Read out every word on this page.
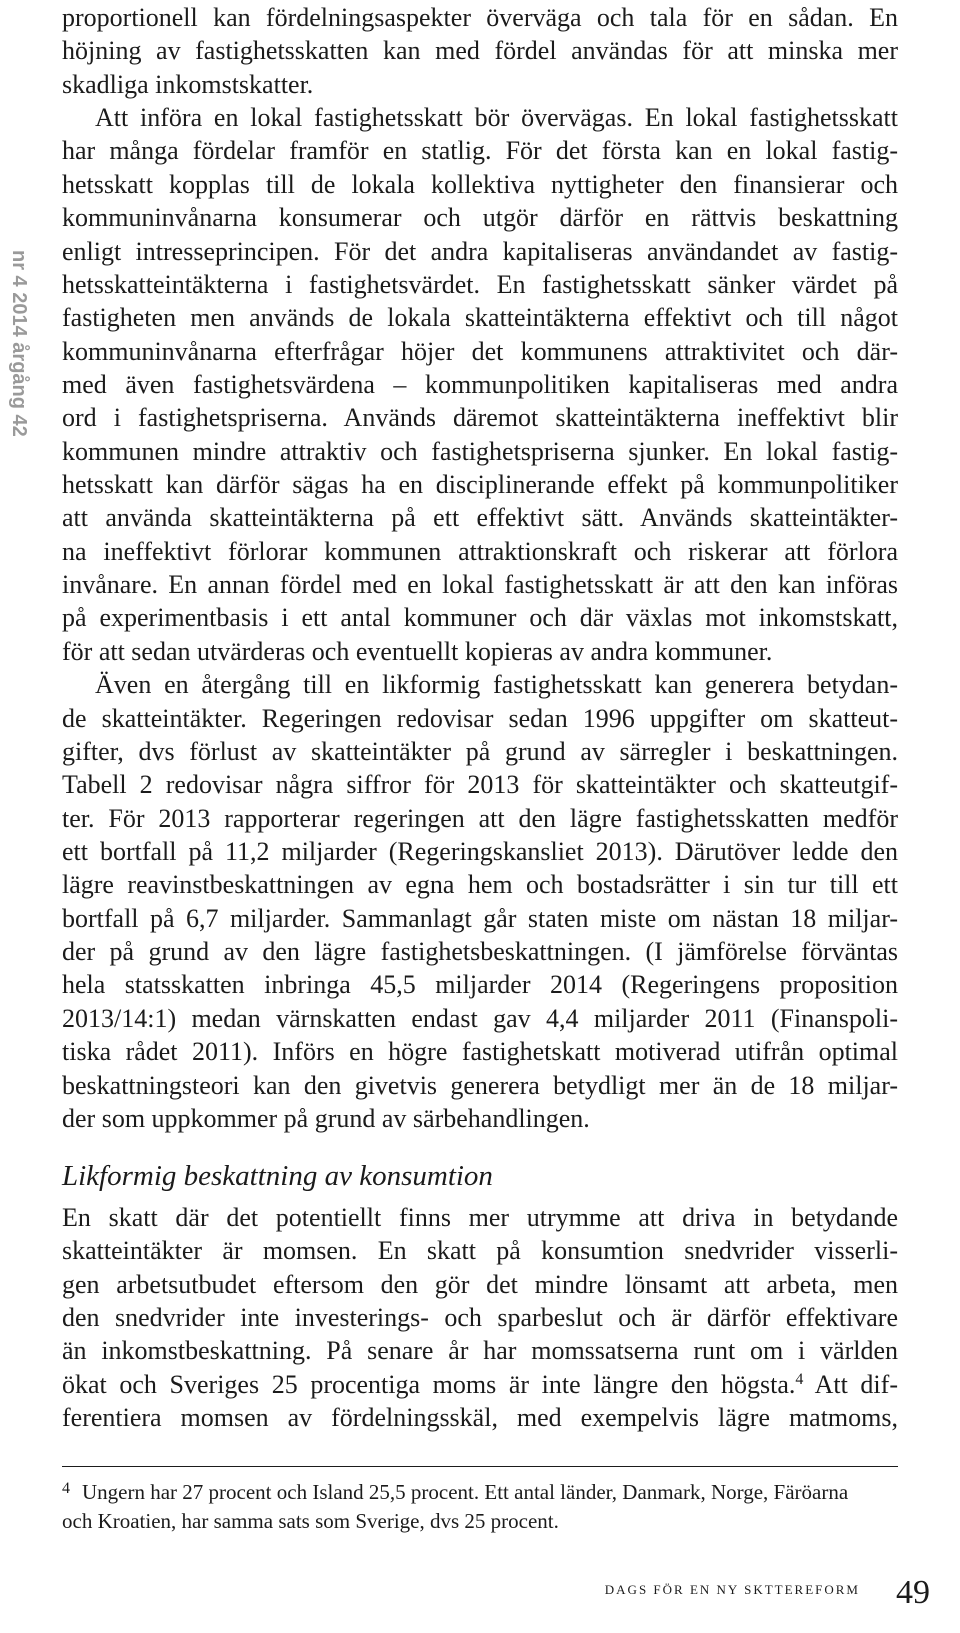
nr 4 2014 årgång 42
proportionell kan fördelningsaspekter överväga och tala för en sådan. En
höjning av fastighetsskatten kan med fördel användas för att minska mer
skadliga inkomstskatter.
Att införa en lokal fastighetsskatt bör övervägas. En lokal fastighetsskatt
har många fördelar framför en statlig. För det första kan en lokal fastig-
hetsskatt kopplas till de lokala kollektiva nyttigheter den finansierar och
kommuninvånarna konsumerar och utgör därför en rättvis beskattning
enligt intresseprincipen. För det andra kapitaliseras användandet av fastig-
hetsskatteintäkterna i fastighetsvärdet. En fastighetsskatt sänker värdet på
fastigheten men används de lokala skatteintäkterna effektivt och till något
kommuninvånarna efterfrågar höjer det kommunens attraktivitet och där-
med även fastighetsvärdena – kommunpolitiken kapitaliseras med andra
ord i fastighetspriserna. Används däremot skatteintäkterna ineffektivt blir
kommunen mindre attraktiv och fastighetspriserna sjunker. En lokal fastig-
hetsskatt kan därför sägas ha en disciplinerande effekt på kommunpolitiker
att använda skatteintäkterna på ett effektivt sätt. Används skatteintäkter-
na ineffektivt förlorar kommunen attraktionskraft och riskerar att förlora
invånare. En annan fördel med en lokal fastighetsskatt är att den kan införas
på experimentbasis i ett antal kommuner och där växlas mot inkomstskatt,
för att sedan utvärderas och eventuellt kopieras av andra kommuner.
Även en återgång till en likformig fastighetsskatt kan generera betydan-
de skatteintäkter. Regeringen redovisar sedan 1996 uppgifter om skatteut-
gifter, dvs förlust av skatteintäkter på grund av särregler i beskattningen.
Tabell 2 redovisar några siffror för 2013 för skatteintäkter och skatteutgif-
ter. För 2013 rapporterar regeringen att den lägre fastighetsskatten medför
ett bortfall på 11,2 miljarder (Regeringskansliet 2013). Därutöver ledde den
lägre reavinstbeskattningen av egna hem och bostadsrätter i sin tur till ett
bortfall på 6,7 miljarder. Sammanlagt går staten miste om nästan 18 miljar-
der på grund av den lägre fastighetsbeskattningen. (I jämförelse förväntas
hela statsskatten inbringa 45,5 miljarder 2014 (Regeringens proposition
2013/14:1) medan värnskatten endast gav 4,4 miljarder 2011 (Finanspoli-
tiska rådet 2011). Införs en högre fastighetskatt motiverad utifrån optimal
beskattningsteori kan den givetvis generera betydligt mer än de 18 miljar-
der som uppkommer på grund av särbehandlingen.
Likformig beskattning av konsumtion
En skatt där det potentiellt finns mer utrymme att driva in betydande
skatteintäkter är momsen. En skatt på konsumtion snedvrider visserli-
gen arbetsutbudet eftersom den gör det mindre lönsamt att arbeta, men
den snedvrider inte investerings- och sparbeslut och är därför effektivare
än inkomstbeskattning. På senare år har momssatserna runt om i världen
ökat och Sveriges 25 procentiga moms är inte längre den högsta.$^4$ Att dif-
ferentiera momsen av fördelningsskäl, med exempelvis lägre matmoms,
4 Ungern har 27 procent och Island 25,5 procent. Ett antal länder, Danmark, Norge, Färöarna
och Kroatien, har samma sats som Sverige, dvs 25 procent.
DAGS FÖR EN NY SKTTEREFORM 49
